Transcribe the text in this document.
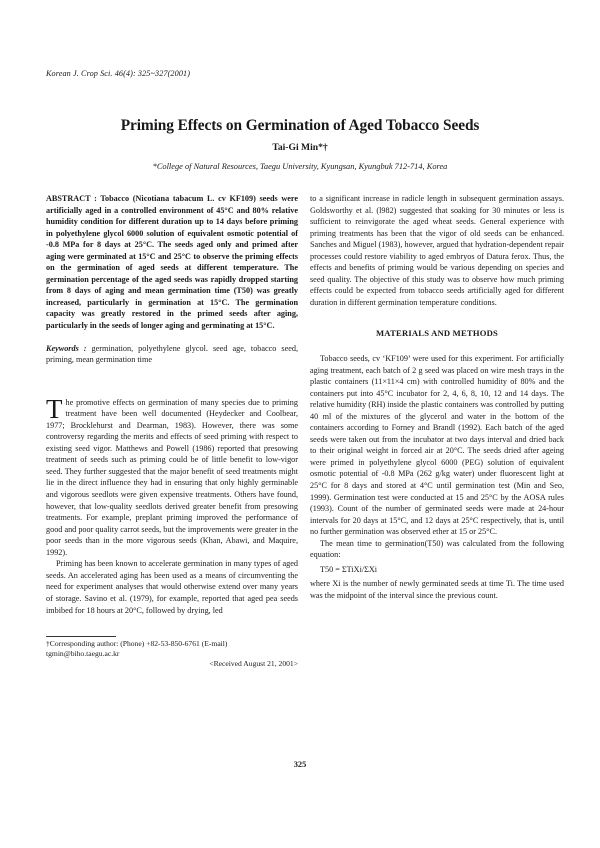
Korean J. Crop Sci. 46(4): 325~327(2001)
Priming Effects on Germination of Aged Tobacco Seeds
Tai-Gi Min*†
*College of Natural Resources, Taegu University, Kyungsan, Kyungbuk 712-714, Korea
ABSTRACT : Tobacco (Nicotiana tabacum L. cv KF109) seeds were artificially aged in a controlled environment of 45°C and 80% relative humidity condition for different duration up to 14 days before priming in polyethylene glycol 6000 solution of equivalent osmotic potential of -0.8 MPa for 8 days at 25°C. The seeds aged only and primed after aging were germinated at 15°C and 25°C to observe the priming effects on the germination of aged seeds at different temperature. The germination percentage of the aged seeds was rapidly dropped starting from 8 days of aging and mean germination time (T50) was greatly increased, particularly in germination at 15°C. The germination capacity was greatly restored in the primed seeds after aging, particularly in the seeds of longer aging and germinating at 15°C.
Keywords : germination, polyethylene glycol. seed age, tobacco seed, priming, mean germination time
T he promotive effects on germination of many species due to priming treatment have been well documented (Heydecker and Coolbear, 1977; Brocklehurst and Dearman, 1983). However, there was some controversy regarding the merits and effects of seed priming with respect to existing seed vigor. Matthews and Powell (1986) reported that presowing treatment of seeds such as priming could be of little benefit to low-vigor seed. They further suggested that the major benefit of seed treatments might lie in the direct influence they had in ensuring that only highly germinable and vigorous seedlots were given expensive treatments. Others have found, however, that low-quality seedlots derived greater benefit from presowing treatments. For example, preplant priming improved the performance of good and poor quality carrot seeds, but the improvements were greater in the poor seeds than in the more vigorous seeds (Khan, Abawi, and Maquire, 1992).

Priming has been known to accelerate germination in many types of aged seeds. An accelerated aging has been used as a means of circumventing the need for experiment analyses that would otherwise extend over many years of storage. Savino et al. (1979), for example, reported that aged pea seeds imbibed for 18 hours at 20°C, followed by drying, led

†Corresponding author: (Phone) +82-53-850-6761 (E-mail) tgmin@biho.taegu.ac.kr
<Received August 21, 2001>

to a significant increase in radicle length in subsequent germination assays. Goldsworthy et al. (l982) suggested that soaking for 30 minutes or less is sufficient to reinvigorate the aged wheat seeds. General experience with priming treatments has been that the vigor of old seeds can be enhanced. Sanches and Miguel (1983), however, argued that hydration-dependent repair processes could restore viability to aged embryos of Datura ferox. Thus, the effects and benefits of priming would be various depending on species and seed quality. The objective of this study was to observe how much priming effects could be expected from tobacco seeds artificially aged for different duration in different germination temperature conditions.

MATERIALS AND METHODS

Tobacco seeds, cv ‘KF109’ were used for this experiment. For artificially aging treatment, each batch of 2 g seed was placed on wire mesh trays in the plastic containers (11×11×4 cm) with controlled humidity of 80% and the containers put into 45°C incubator for 2, 4, 6, 8, 10, 12 and 14 days. The relative humidity (RH) inside the plastic containers was controlled by putting 40 ml of the mixtures of the glycerol and water in the bottom of the containers according to Forney and Brandl (1992). Each batch of the aged seeds were taken out from the incubator at two days interval and dried back to their original weight in forced air at 20°C. The seeds dried after ageing were primed in polyethylene glycol 6000 (PEG) solution of equivalent osmotic potential of -0.8 MPa (262 g/kg water) under fluorescent light at 25°C for 8 days and stored at 4°C until germination test (Min and Seo, 1999). Germination test were conducted at 15 and 25°C by the AOSA rules (1993). Count of the number of germinated seeds were made at 24-hour intervals for 20 days at 15°C, and 12 days at 25°C respectively, that is, until no further germination was observed ether at 15 or 25°C.

The mean time to germination(T50) was calculated from the following equation:

T50 = ΣTiXi/ΣXi

where Xi is the number of newly germinated seeds at time Ti. The time used was the midpoint of the interval since the previous count.

325
